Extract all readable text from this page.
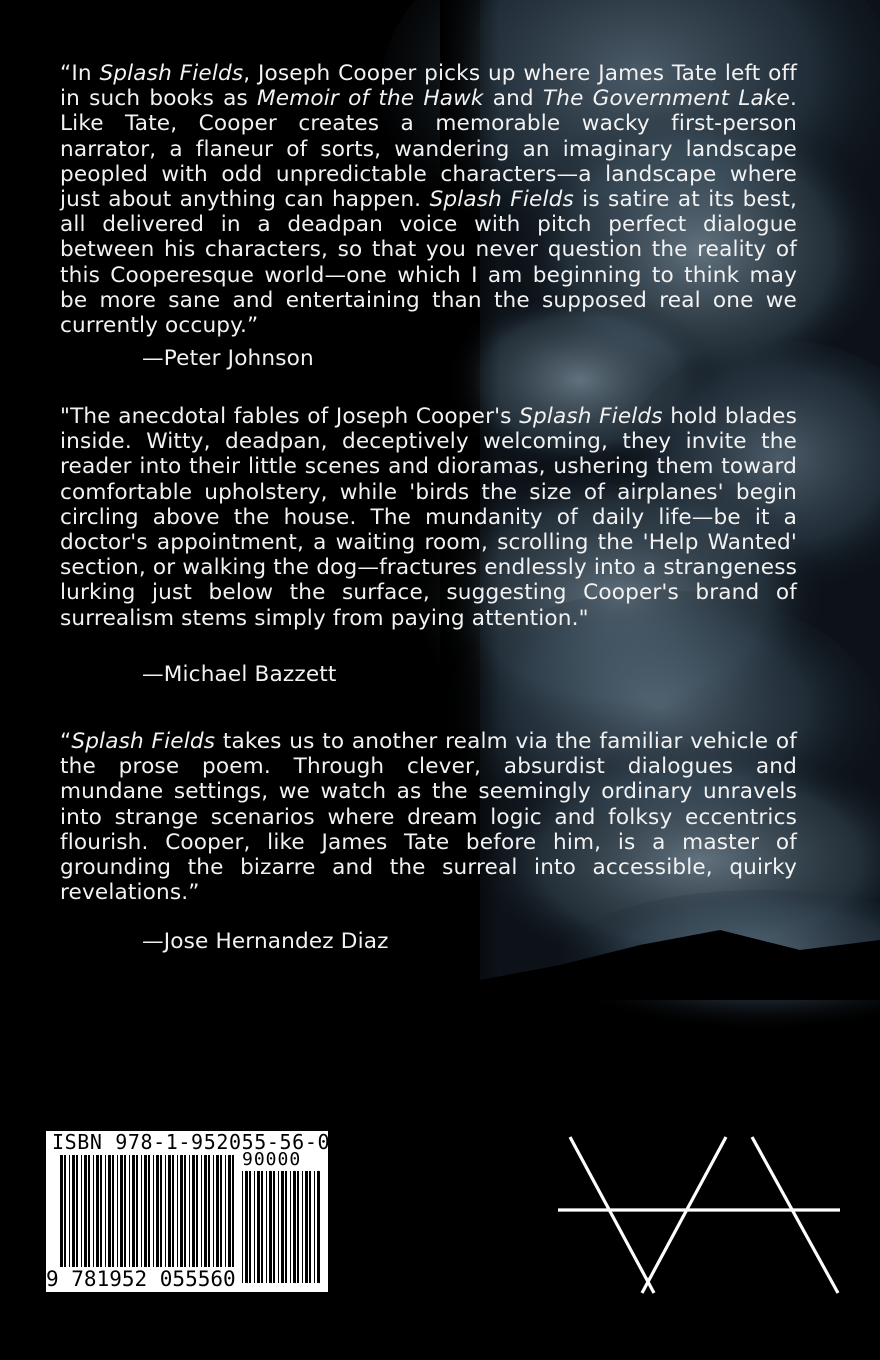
“In Splash Fields, Joseph Cooper picks up where James Tate left off in such books as Memoir of the Hawk and The Government Lake. Like Tate, Cooper creates a memorable wacky first-person narrator, a flaneur of sorts, wandering an imaginary landscape peopled with odd unpredictable characters—a landscape where just about anything can happen. Splash Fields is satire at its best, all delivered in a deadpan voice with pitch perfect dialogue between his characters, so that you never question the reality of this Cooperesque world—one which I am beginning to think may be more sane and entertaining than the supposed real one we currently occupy.”

—Peter Johnson

"The anecdotal fables of Joseph Cooper's Splash Fields hold blades inside. Witty, deadpan, deceptively welcoming, they invite the reader into their little scenes and dioramas, ushering them toward comfortable upholstery, while 'birds the size of airplanes' begin circling above the house. The mundanity of daily life—be it a doctor's appointment, a waiting room, scrolling the 'Help Wanted' section, or walking the dog—fractures endlessly into a strangeness lurking just below the surface, suggesting Cooper's brand of surrealism stems simply from paying attention."

—Michael Bazzett

“Splash Fields takes us to another realm via the familiar vehicle of the prose poem. Through clever, absurdist dialogues and mundane settings, we watch as the seemingly ordinary unravels into strange scenarios where dream logic and folksy eccentrics flourish. Cooper, like James Tate before him, is a master of grounding the bizarre and the surreal into accessible, quirky revelations.”

—Jose Hernandez Diaz
ISBN 978-1-952055-56-0
90000
9 781952 055560
